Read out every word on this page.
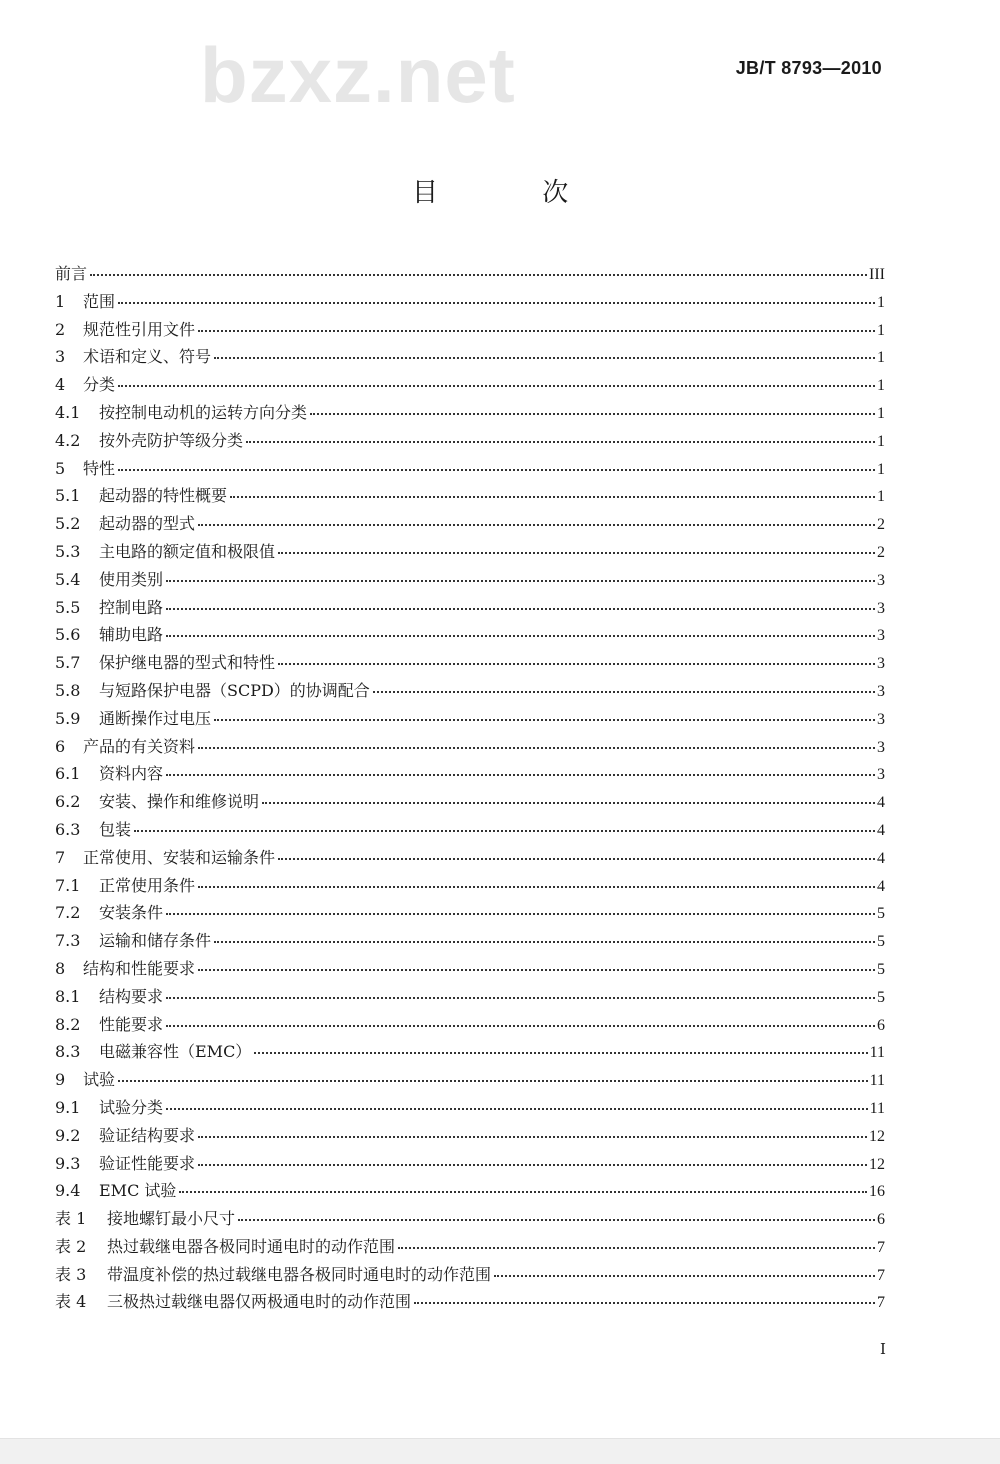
bzxz.net	JB/T 8793—2010
目 次
前言	III
1	范围	1
2	规范性引用文件	1
3	术语和定义、符号	1
4	分类	1
4.1	按控制电动机的运转方向分类	1
4.2	按外壳防护等级分类	1
5	特性	1
5.1	起动器的特性概要	1
5.2	起动器的型式	2
5.3	主电路的额定值和极限值	2
5.4	使用类别	3
5.5	控制电路	3
5.6	辅助电路	3
5.7	保护继电器的型式和特性	3
5.8	与短路保护电器（SCPD）的协调配合	3
5.9	通断操作过电压	3
6	产品的有关资料	3
6.1	资料内容	3
6.2	安装、操作和维修说明	4
6.3	包装	4
7	正常使用、安装和运输条件	4
7.1	正常使用条件	4
7.2	安装条件	5
7.3	运输和储存条件	5
8	结构和性能要求	5
8.1	结构要求	5
8.2	性能要求	6
8.3	电磁兼容性（EMC）	11
9	试验	11
9.1	试验分类	11
9.2	验证结构要求	12
9.3	验证性能要求	12
9.4	EMC 试验	16
表 1	接地螺钉最小尺寸	6
表 2	热过载继电器各极同时通电时的动作范围	7
表 3	带温度补偿的热过载继电器各极同时通电时的动作范围	7
表 4	三极热过载继电器仅两极通电时的动作范围	7
I
